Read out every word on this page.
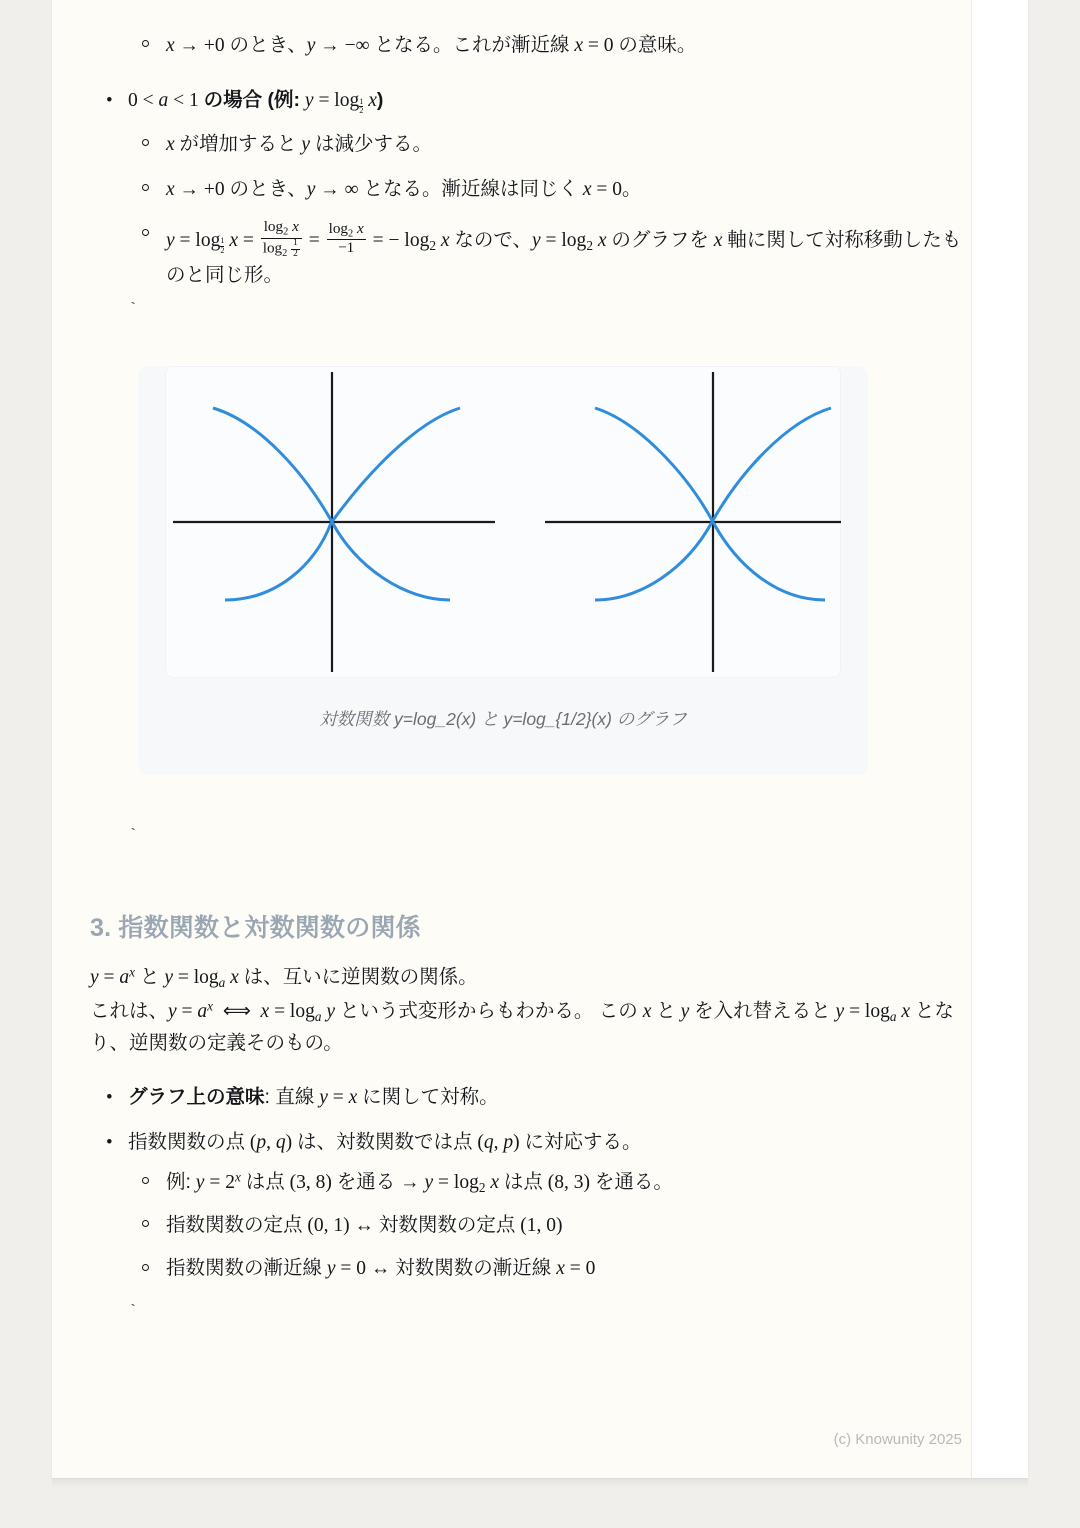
x → +0 のとき、y → −∞ となる。これが漸近線 x = 0 の意味。

• 0 < a < 1 の場合 (例: y = log $_{\frac{1}{2}}$ x)

x が増加すると y は減少する。

x → +0 のとき、y → ∞ となる。漸近線は同じく x = 0。

y = log $_{\frac{1}{2}}$ $x = \frac{\log_2 x}{\log_2 \frac{1}{2}} = \frac{\log_2 x}{-1}$ = − $\log_2 x$ なので、$y = \log_2 x$ のグラフを x 軸に関して対称移動したものと同じ形。

`

対数関数 y=log_2(x) と y=log_{1/2}(x) のグラフ

`

3. 指数関数と対数関数の関係

$y = a^x$ と $y = \log_a x$ は、互いに逆関数の関係。

これは、$y = a^x$  ⟺  $x = \log_a y$ という式変形からもわかる。 この x と y を入れ替えると $y = \log_a x$ となり、逆関数の定義そのもの。

• グラフ上の意味: 直線 y = x に関して対称。

• 指数関数の点 (p, q) は、対数関数では点 (q, p) に対応する。

例: $y = 2^x$ は点 (3, 8) を通る → $y = \log_2 x$ は点 (8, 3) を通る。

指数関数の定点 (0, 1) ↔ 対数関数の定点 (1, 0)

指数関数の漸近線 y = 0 ↔ 対数関数の漸近線 x = 0

`

(c) Knowunity 2025
